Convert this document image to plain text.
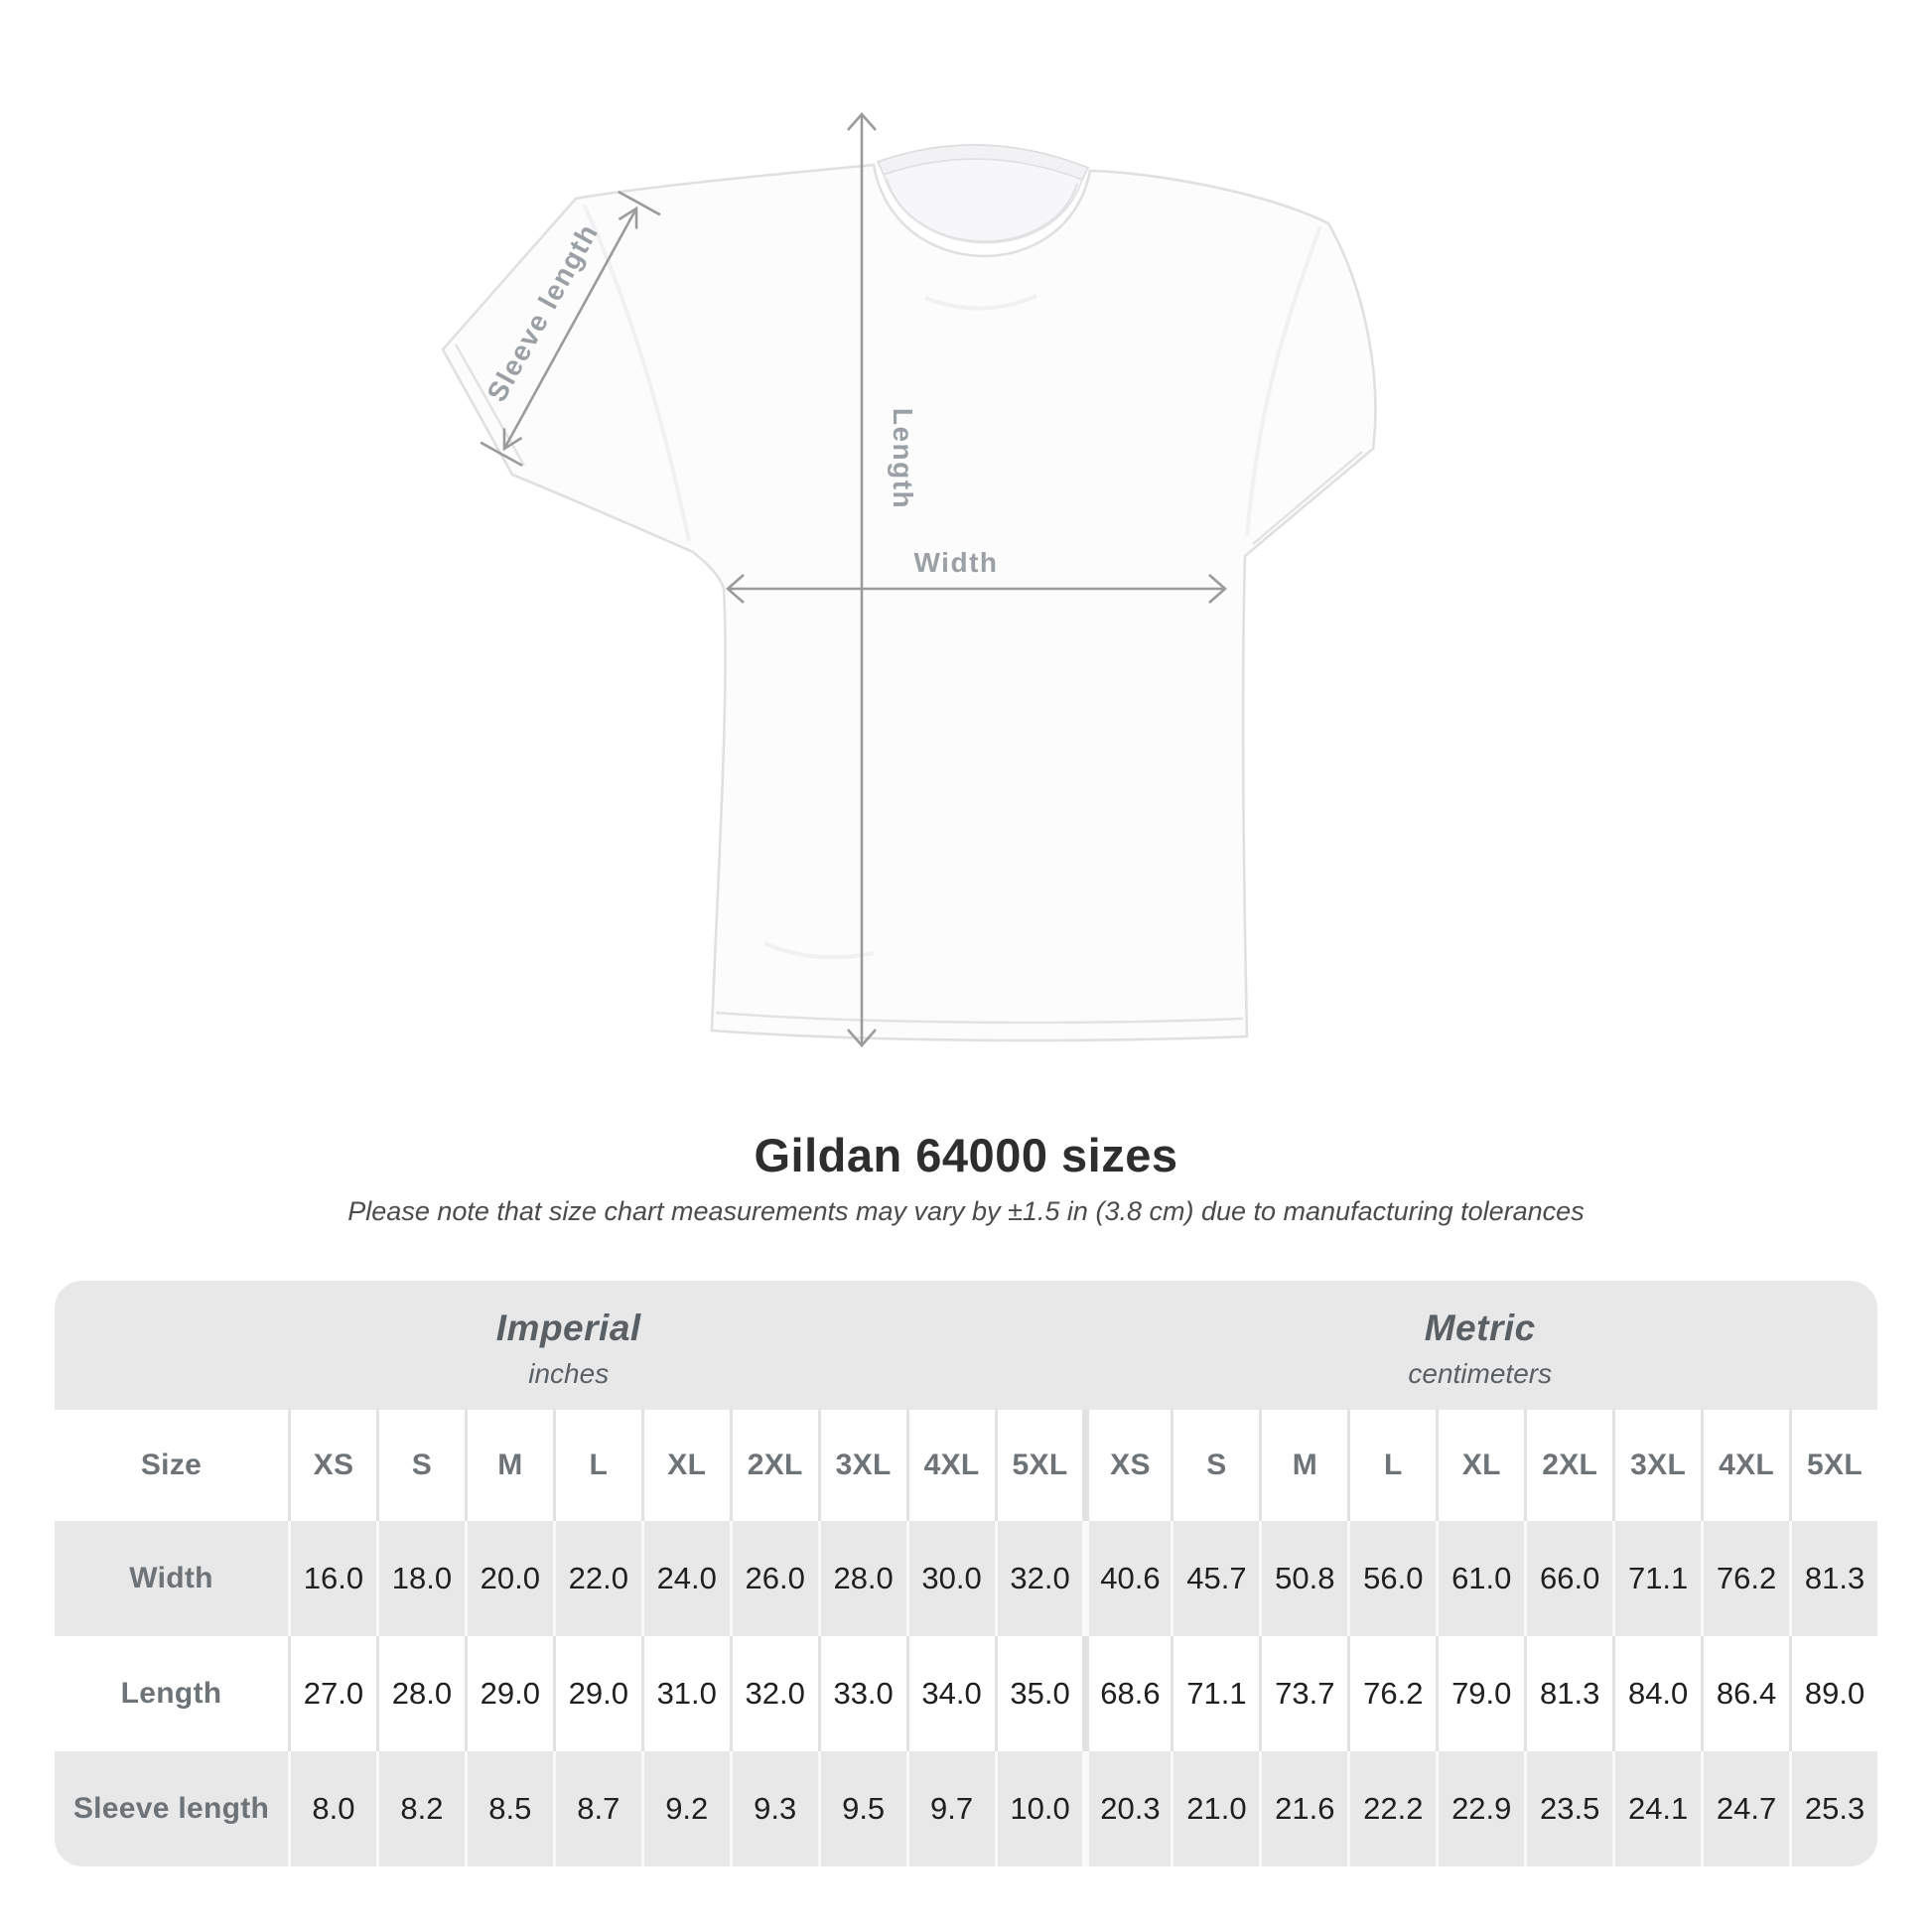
Length
Width
Sleeve length
Gildan 64000 sizes

Please note that size chart measurements may vary by ±1.5 in (3.8 cm) due to manufacturing tolerances

Imperial
inches
Metric
centimeters
Size	XS	S	M	L	XL	2XL	3XL	4XL	5XL	XS	S	M	L	XL	2XL	3XL	4XL	5XL
Width	16.0 18.0 20.0 22.0 24.0 26.0 28.0 30.0 32.0 40.6 45.7 50.8 56.0 61.0 66.0 71.1 76.2 81.3
Length	27.0 28.0 29.0 29.0 31.0 32.0 33.0 34.0 35.0 68.6 71.1 73.7 76.2 79.0 81.3 84.0 86.4 89.0
Sleeve length	8.0	8.2	8.5	8.7	9.2	9.3	9.5	9.7	10.0 20.3 21.0 21.6 22.2 22.9 23.5 24.1 24.7 25.3
